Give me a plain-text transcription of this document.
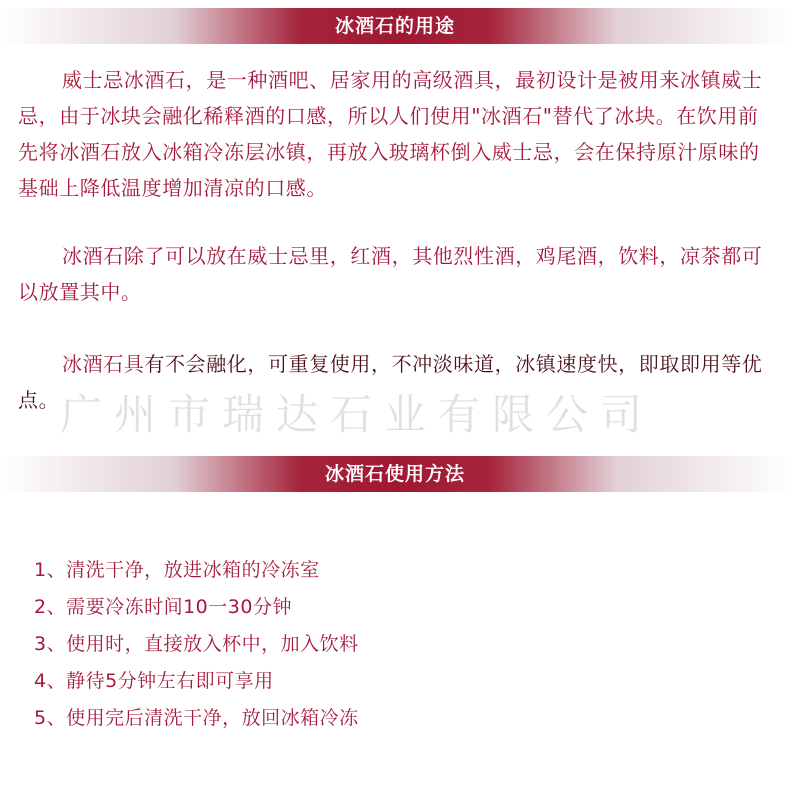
冰酒石的用途
威士忌冰酒石，是一种酒吧、居家用的高级酒具，最初设计是被用来冰镇威士忌，由于冰块会融化稀释酒的口感，所以人们使用"冰酒石"替代了冰块。在饮用前先将冰酒石放入冰箱冷冻层冰镇，再放入玻璃杯倒入威士忌，会在保持原汁原味的基础上降低温度增加清凉的口感。
冰酒石除了可以放在威士忌里，红酒，其他烈性酒，鸡尾酒，饮料，凉茶都可以放置其中。
冰酒石具有不会融化，可重复使用，不冲淡味道，冰镇速度快，即取即用等优点。 广州市瑞达石业有限公司
冰酒石使用方法
1、清洗干净，放进冰箱的冷冻室
2、需要冷冻时间10一30分钟
3、使用时，直接放入杯中，加入饮料
4、静待5分钟左右即可享用
5、使用完后清洗干净，放回冰箱冷冻
